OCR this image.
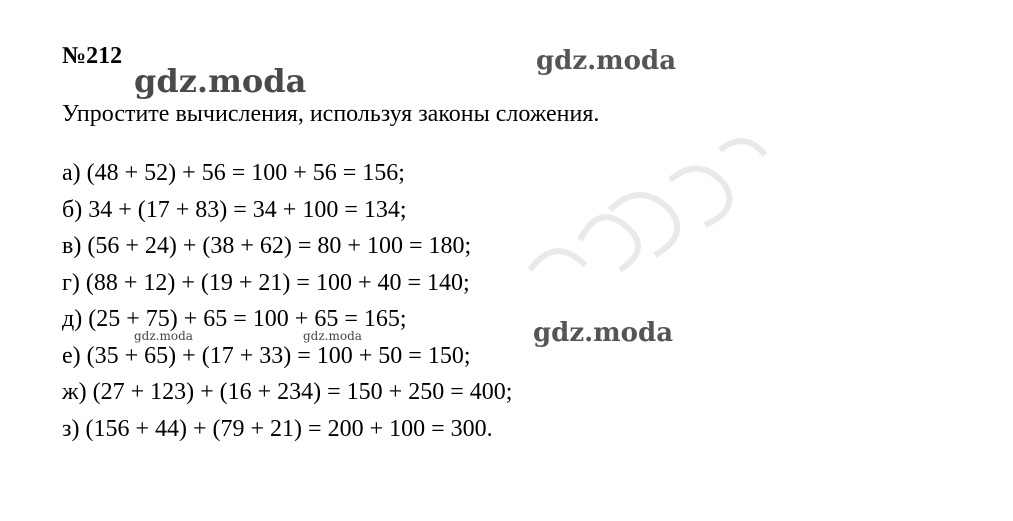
№212

gdz.moda
gdz.moda

Упростите вычисления, используя законы сложения.

а) (48 + 52) + 56 = 100 + 56 = 156;
б) 34 + (17 + 83) = 34 + 100 = 134;
в) (56 + 24) + (38 + 62) = 80 + 100 = 180;
г) (88 + 12) + (19 + 21) = 100 + 40 = 140;
д) (25 + 75) + 65 = 100 + 65 = 165;
е) (35 + 65) + (17 + 33) = 100 + 50 = 150;
ж) (27 + 123) + (16 + 234) = 150 + 250 = 400;
з) (156 + 44) + (79 + 21) = 200 + 100 = 300.
gdz.moda	gdz.moda	gdz.moda
